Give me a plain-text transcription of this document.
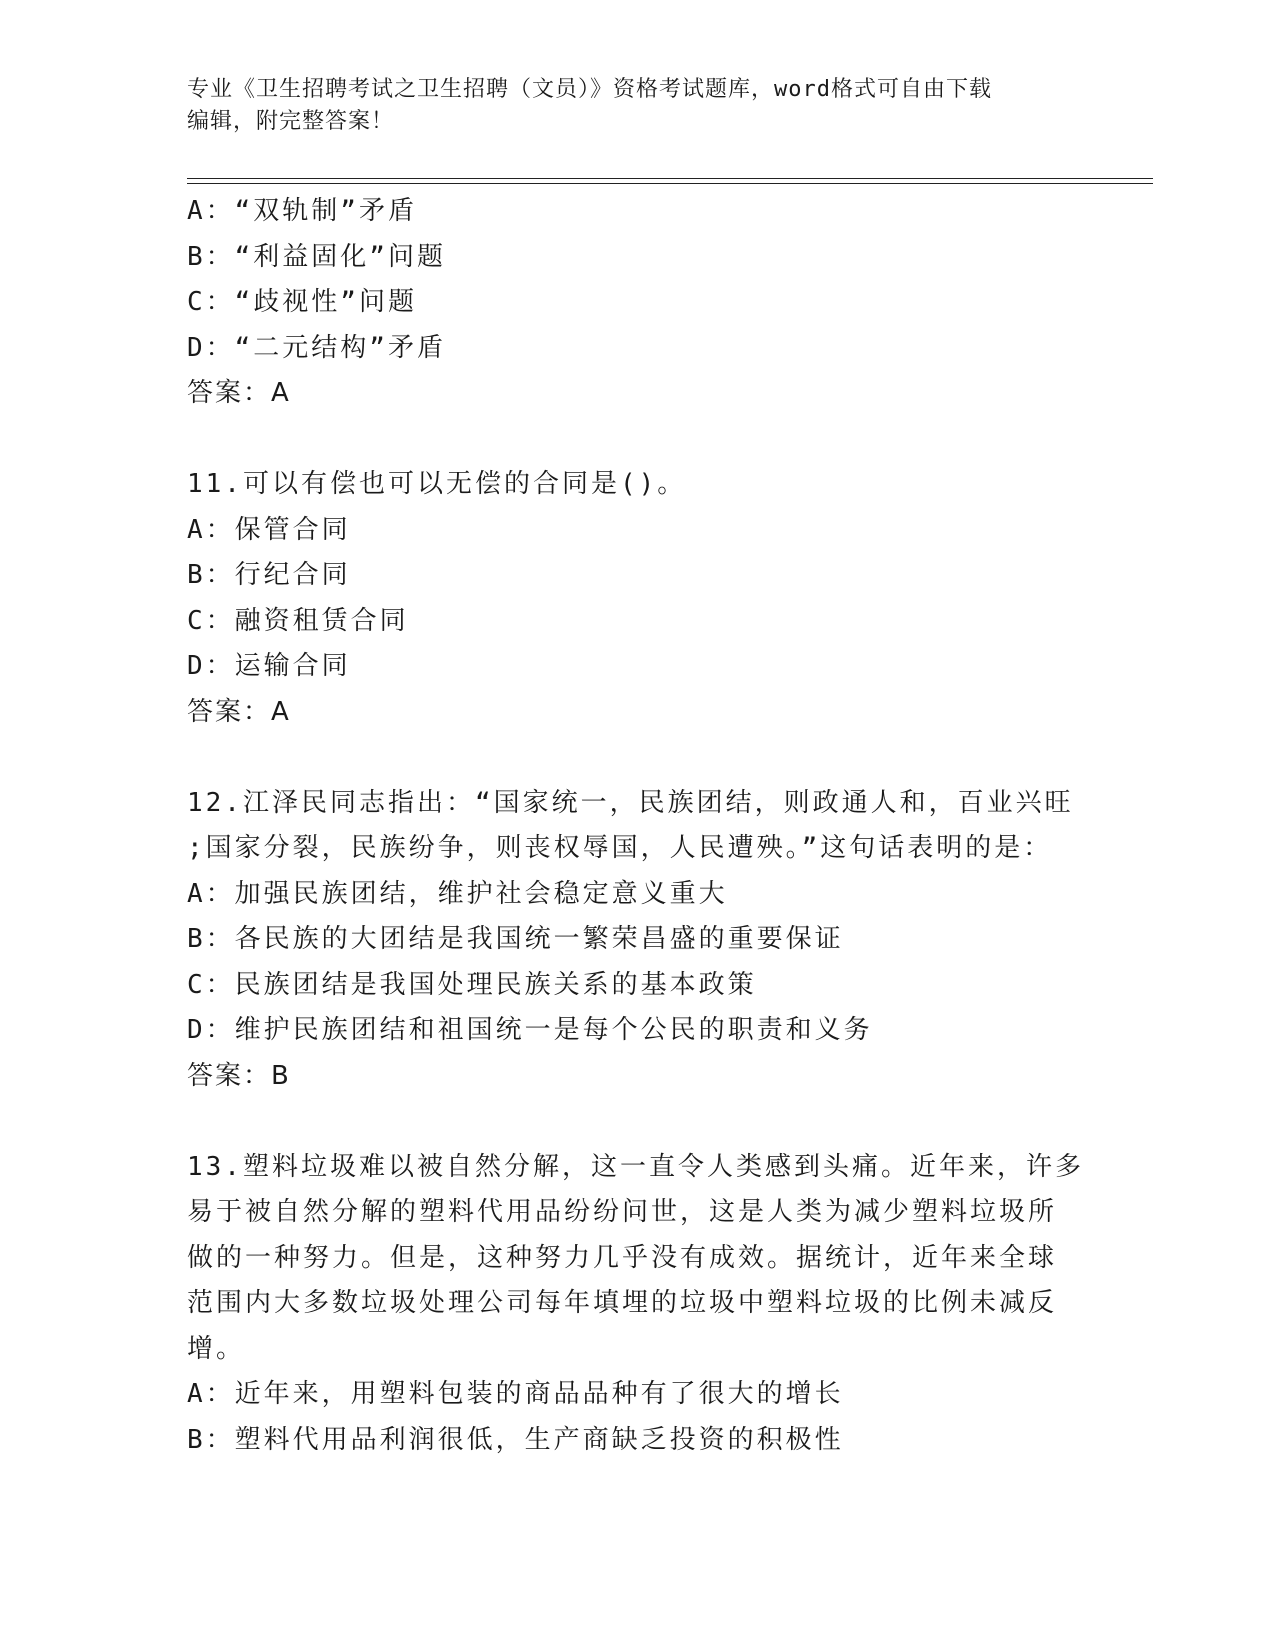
专业《卫生招聘考试之卫生招聘（文员）》资格考试题库，word格式可自由下载
编辑，附完整答案！
A：“双轨制”矛盾
B：“利益固化”问题
C：“歧视性”问题
D：“二元结构”矛盾
答案：A
11.可以有偿也可以无偿的合同是()。
A：保管合同
B：行纪合同
C：融资租赁合同
D：运输合同
答案：A
12.江泽民同志指出：“国家统一，民族团结，则政通人和，百业兴旺
;国家分裂，民族纷争，则丧权辱国，人民遭殃。”这句话表明的是：
A：加强民族团结，维护社会稳定意义重大
B：各民族的大团结是我国统一繁荣昌盛的重要保证
C：民族团结是我国处理民族关系的基本政策
D：维护民族团结和祖国统一是每个公民的职责和义务
答案：B
13.塑料垃圾难以被自然分解，这一直令人类感到头痛。近年来，许多
易于被自然分解的塑料代用品纷纷问世，这是人类为减少塑料垃圾所
做的一种努力。但是，这种努力几乎没有成效。据统计，近年来全球
范围内大多数垃圾处理公司每年填埋的垃圾中塑料垃圾的比例未减反
增。
A：近年来，用塑料包装的商品品种有了很大的增长
B：塑料代用品利润很低，生产商缺乏投资的积极性
